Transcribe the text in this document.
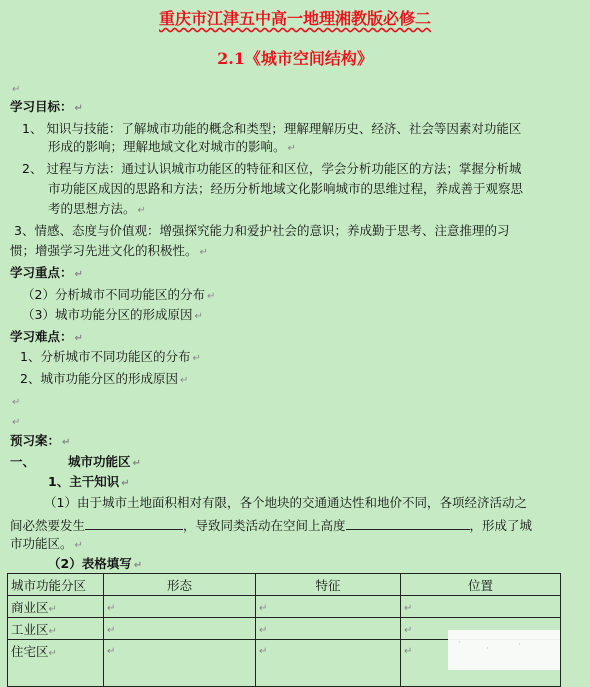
重庆市江津五中高一地理湘教版必修二
2.1《城市空间结构》
↵
学习目标： ↵
1、 知识与技能：了解城市功能的概念和类型；理解理解历史、经济、社会等因素对功能区
形成的影响；理解地域文化对城市的影响。 ↵
2、 过程与方法：通过认识城市功能区的特征和区位，学会分析功能区的方法；掌握分析城
市功能区成因的思路和方法；经历分析地域文化影响城市的思维过程，养成善于观察思
考的思想方法。 ↵
3、情感、态度与价值观：增强探究能力和爱护社会的意识；养成勤于思考、注意推理的习
惯；增强学习先进文化的积极性。 ↵
学习重点： ↵
（2）分析城市不同功能区的分布 ↵
（3）城市功能分区的形成原因 ↵
学习难点： ↵
1、分析城市不同功能区的分布 ↵
2、城市功能分区的形成原因 ↵
↵
↵
预习案： ↵
一、	城市功能区 ↵
1、主干知识 ↵
（1）由于城市土地面积相对有限，各个地块的交通通达性和地价不同，各项经济活动之
间必然要发生	，导致同类活动在空间上高度	，形成了城
市功能区。 ↵
（2）表格填写 ↵
城市功能分区	形态	特征	位置
商业区↵	↵	↵	↵
工业区↵	↵	↵	↵
住宅区↵	↵	↵	↵
·
·	·
